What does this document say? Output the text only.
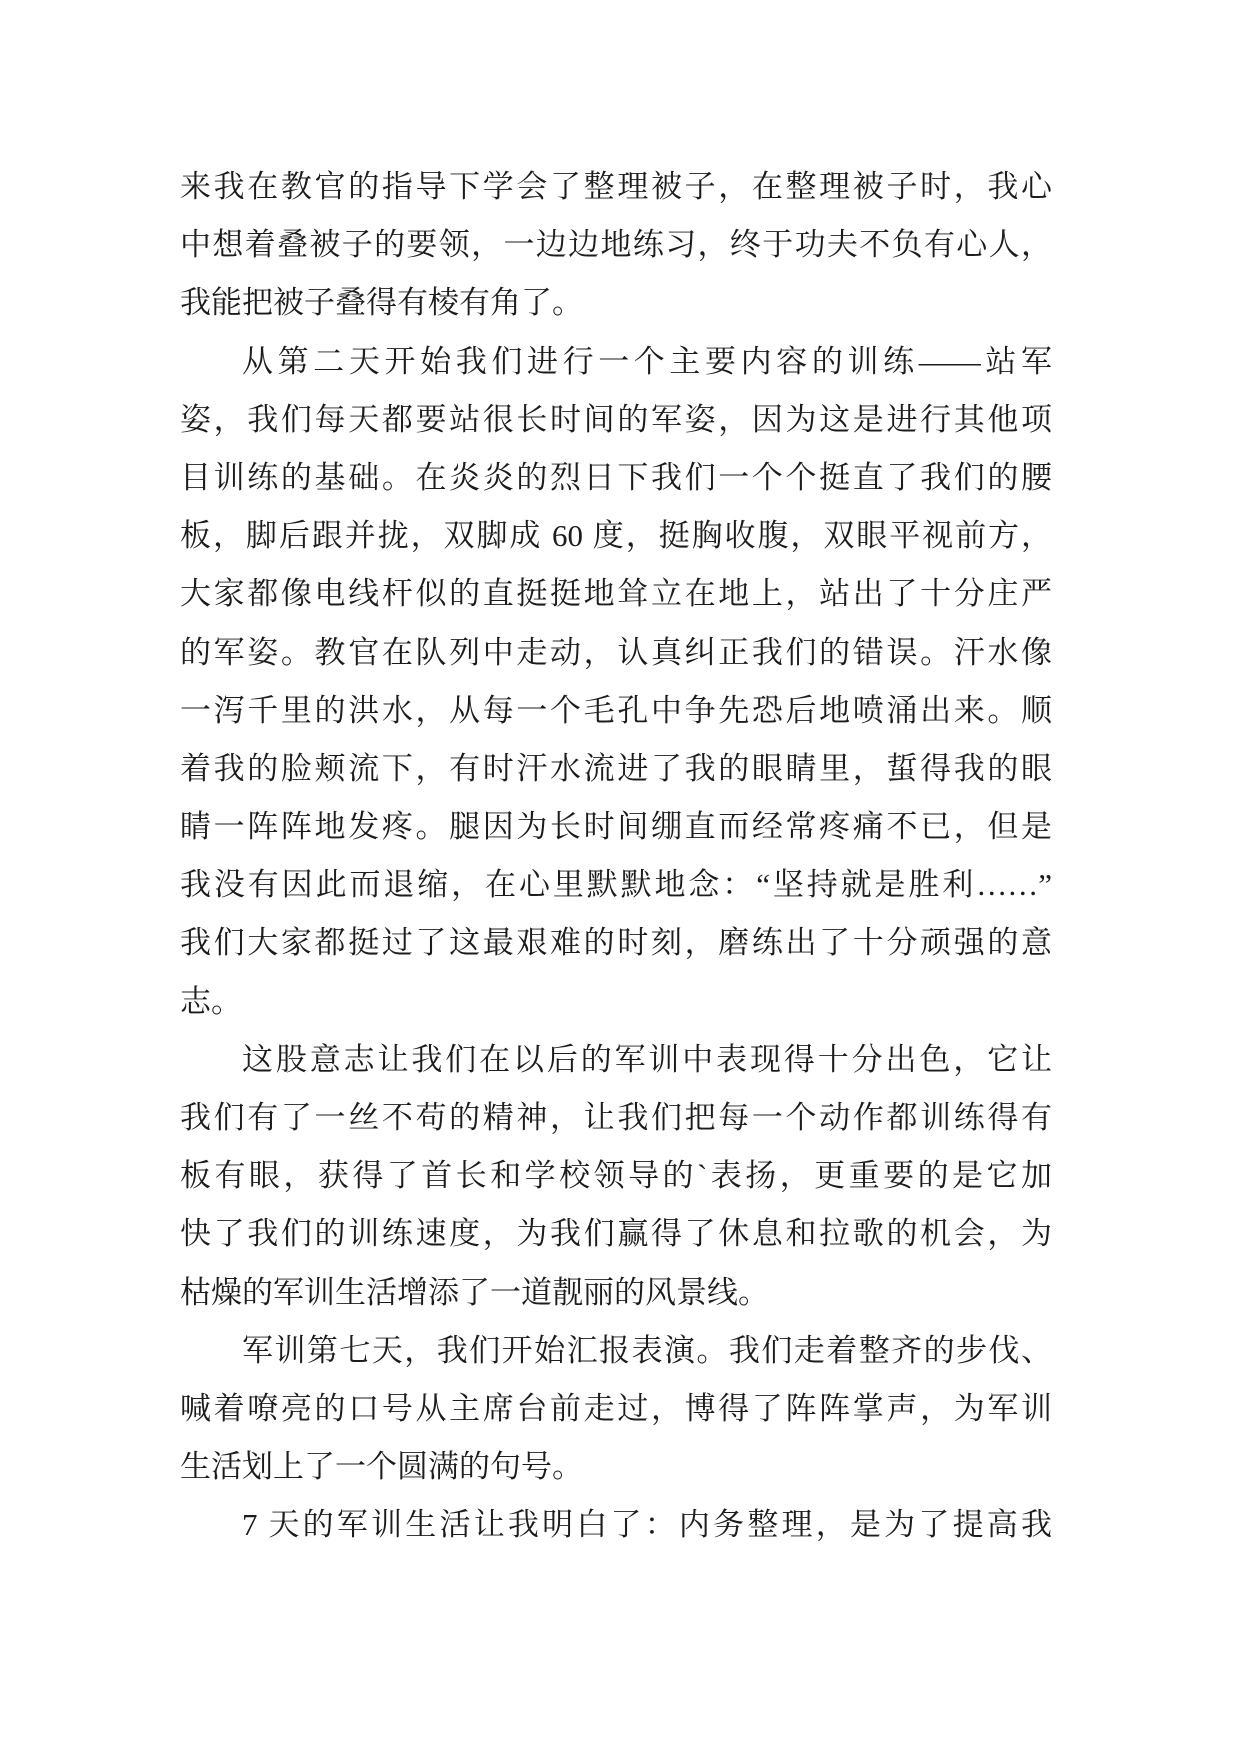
来我在教官的指导下学会了整理被子，在整理被子时，我心
中想着叠被子的要领，一边边地练习，终于功夫不负有心人，
我能把被子叠得有棱有角了。
从第二天开始我们进行一个主要内容的训练——站军
姿，我们每天都要站很长时间的军姿，因为这是进行其他项
目训练的基础。在炎炎的烈日下我们一个个挺直了我们的腰
板，脚后跟并拢，双脚成 60 度，挺胸收腹，双眼平视前方，
大家都像电线杆似的直挺挺地耸立在地上，站出了十分庄严
的军姿。教官在队列中走动，认真纠正我们的错误。汗水像
一泻千里的洪水，从每一个毛孔中争先恐后地喷涌出来。顺
着我的脸颊流下，有时汗水流进了我的眼睛里，蜇得我的眼
睛一阵阵地发疼。腿因为长时间绷直而经常疼痛不已，但是
我没有因此而退缩，在心里默默地念：“坚持就是胜利……”
我们大家都挺过了这最艰难的时刻，磨练出了十分顽强的意
志。
这股意志让我们在以后的军训中表现得十分出色，它让
我们有了一丝不苟的精神，让我们把每一个动作都训练得有
板有眼，获得了首长和学校领导的`表扬，更重要的是它加
快了我们的训练速度，为我们赢得了休息和拉歌的机会，为
枯燥的军训生活增添了一道靓丽的风景线。
军训第七天，我们开始汇报表演。我们走着整齐的步伐、
喊着嘹亮的口号从主席台前走过，博得了阵阵掌声，为军训
生活划上了一个圆满的句号。
7 天的军训生活让我明白了：内务整理，是为了提高我
